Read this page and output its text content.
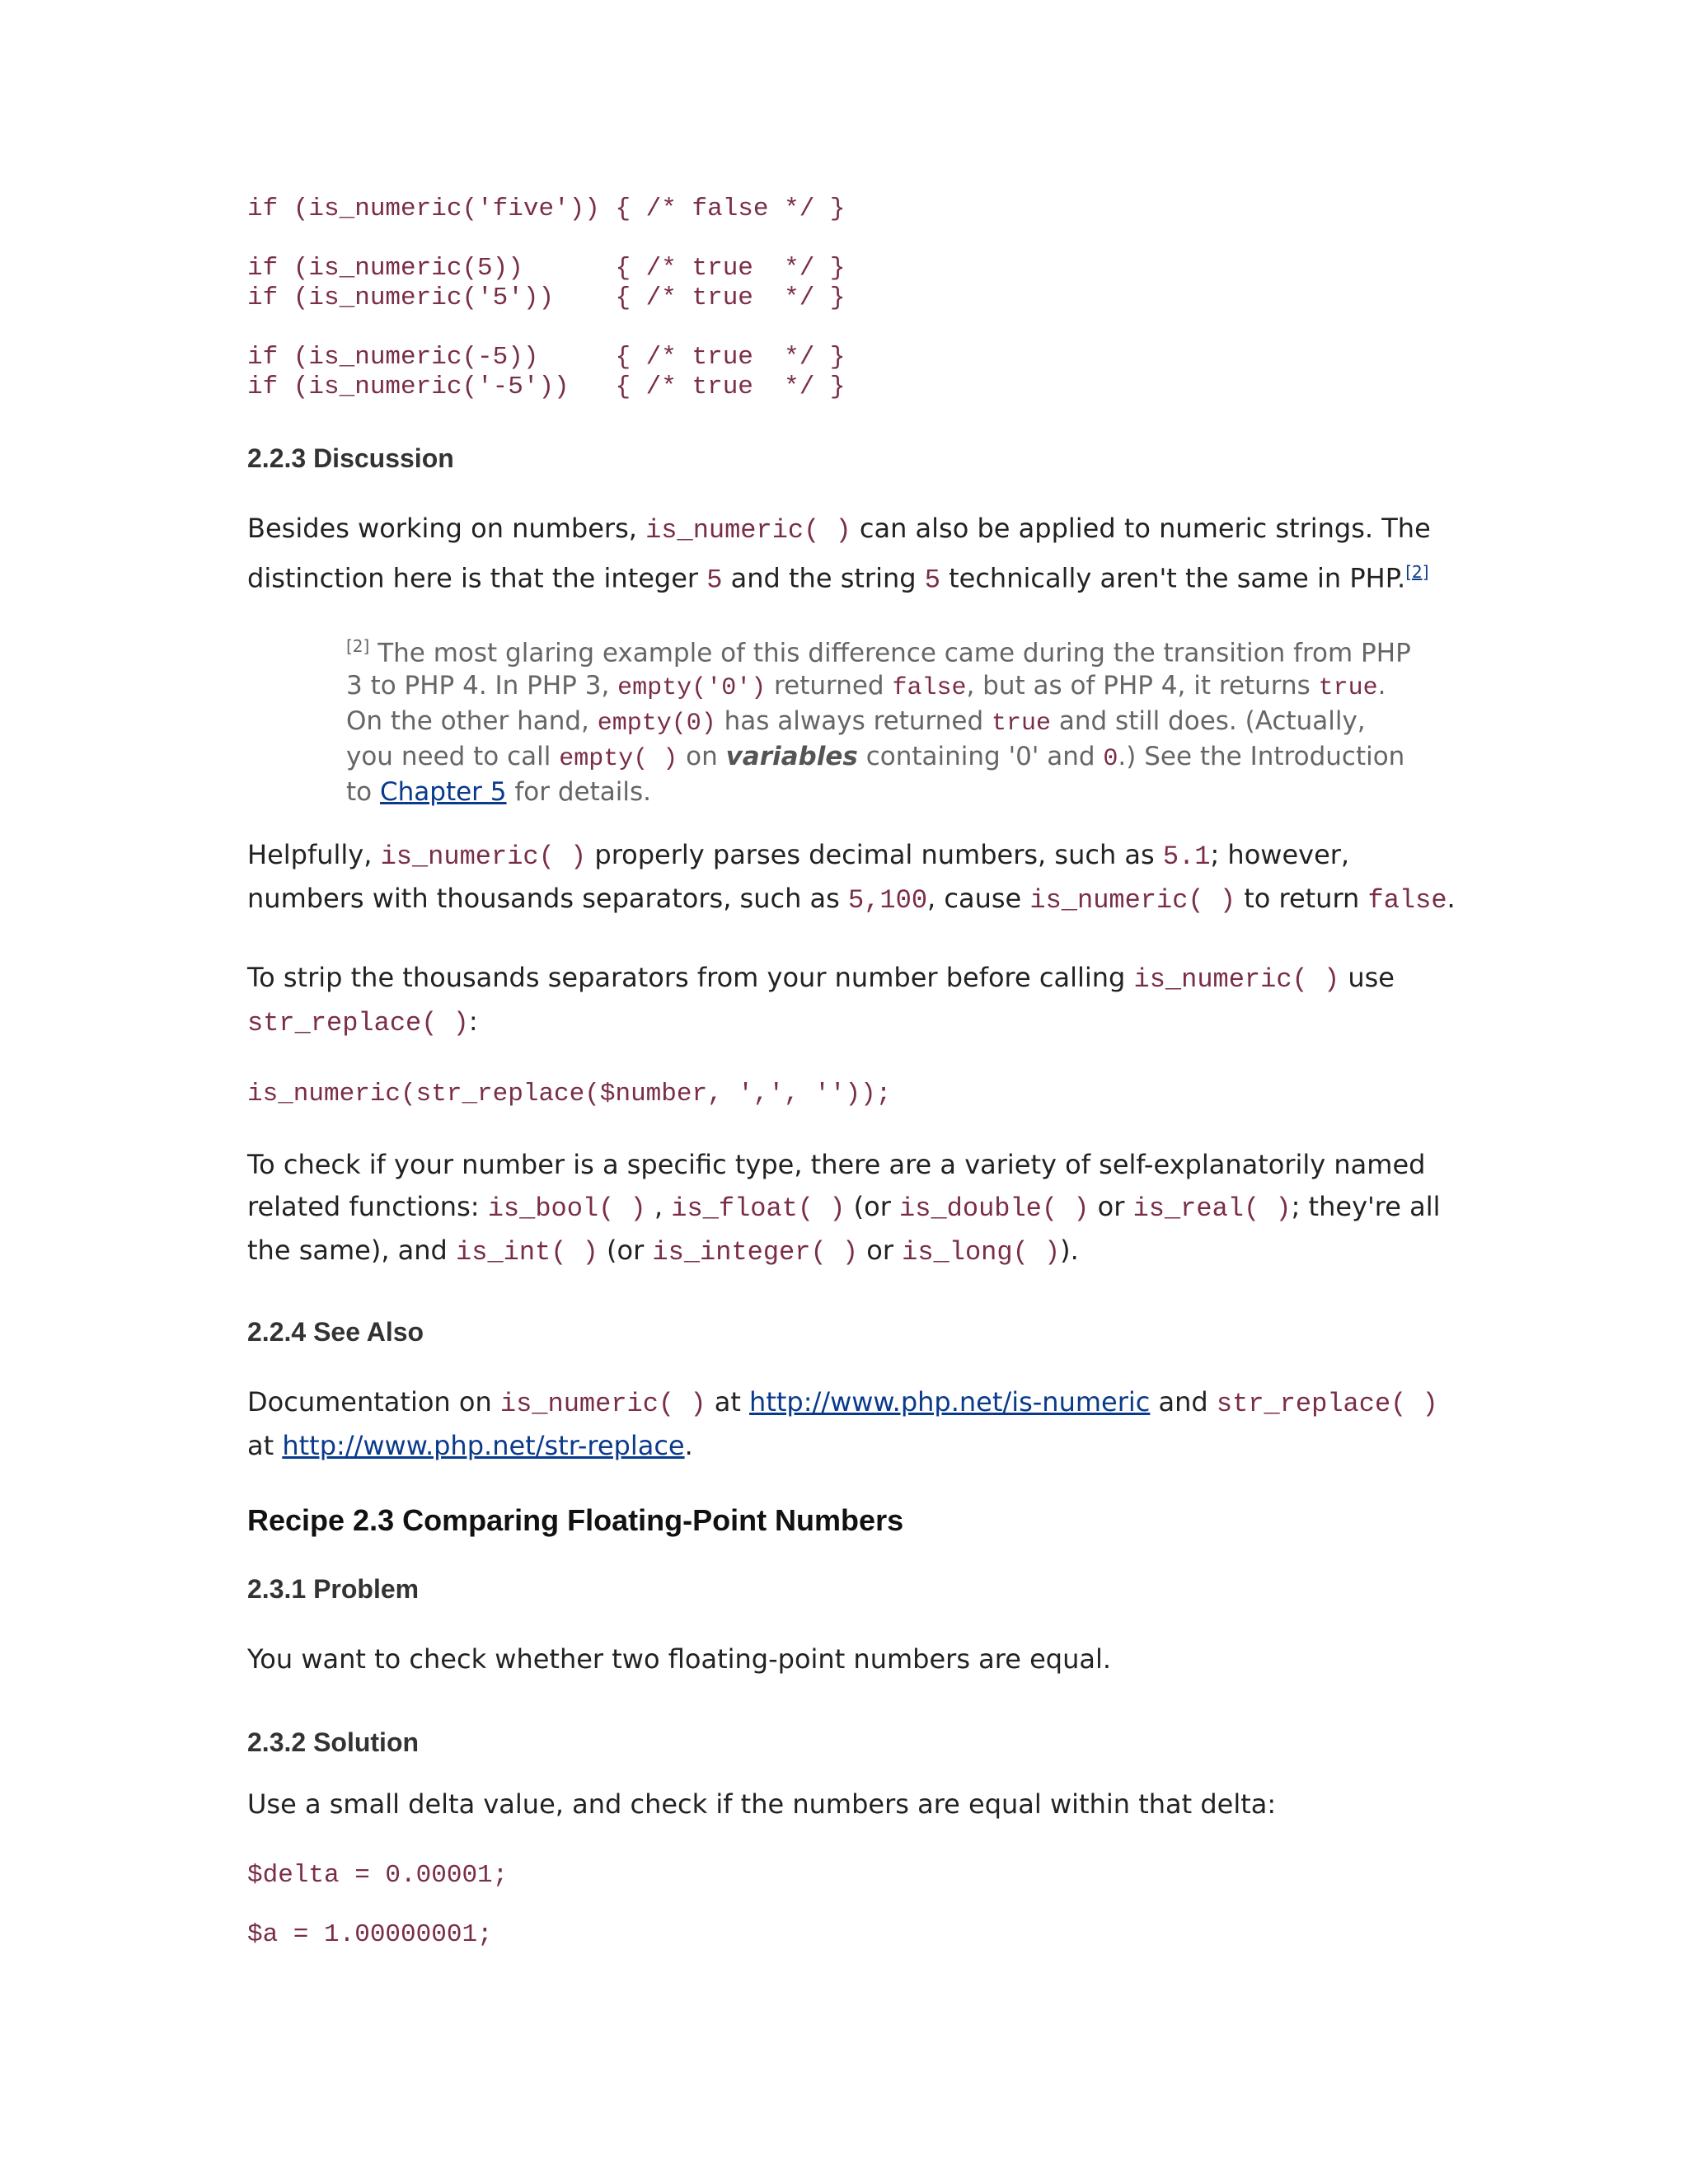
if (is_numeric('five')) { /* false */ }
if (is_numeric(5))      { /* true  */ }
if (is_numeric('5'))    { /* true  */ }
if (is_numeric(-5))     { /* true  */ }
if (is_numeric('-5'))   { /* true  */ }
2.2.3 Discussion
Besides working on numbers, is_numeric( ) can also be applied to numeric strings. The distinction here is that the integer 5 and the string 5 technically aren't the same in PHP.[2]
[2] The most glaring example of this difference came during the transition from PHP 3 to PHP 4. In PHP 3, empty('0') returned false, but as of PHP 4, it returns true. On the other hand, empty(0) has always returned true and still does. (Actually, you need to call empty( ) on variables containing '0' and 0.) See the Introduction to Chapter 5 for details.
Helpfully, is_numeric( ) properly parses decimal numbers, such as 5.1; however, numbers with thousands separators, such as 5,100, cause is_numeric( ) to return false.
To strip the thousands separators from your number before calling is_numeric( ) use str_replace( ):
is_numeric(str_replace($number, ',', ''));
To check if your number is a specific type, there are a variety of self-explanatorily named related functions: is_bool( ) , is_float( ) (or is_double( ) or is_real( ); they're all the same), and is_int( ) (or is_integer( ) or is_long( )).
2.2.4 See Also
Documentation on is_numeric( ) at http://www.php.net/is-numeric and str_replace( ) at http://www.php.net/str-replace.
Recipe 2.3 Comparing Floating-Point Numbers
2.3.1 Problem
You want to check whether two floating-point numbers are equal.
2.3.2 Solution
Use a small delta value, and check if the numbers are equal within that delta:
$delta = 0.00001;
$a = 1.00000001;
